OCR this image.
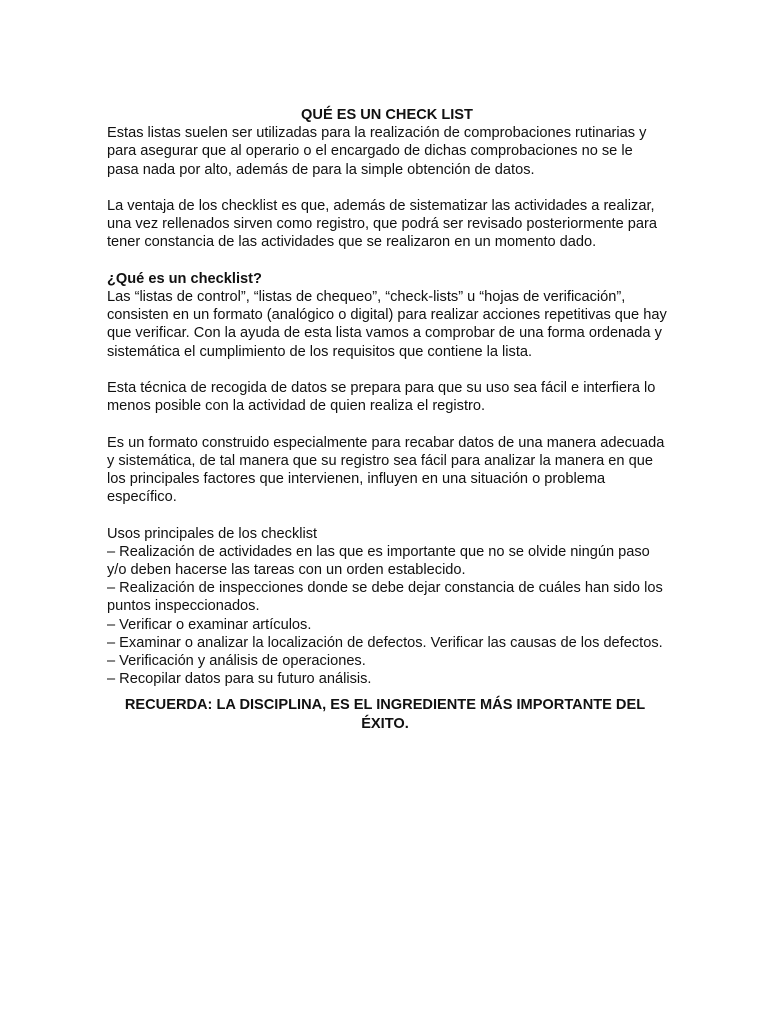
QUÉ ES UN CHECK LIST

Estas listas suelen ser utilizadas para la realización de comprobaciones rutinarias y para asegurar que al operario o el encargado de dichas comprobaciones no se le pasa nada por alto, además de para la simple obtención de datos.

La ventaja de los checklist es que, además de sistematizar las actividades a realizar, una vez rellenados sirven como registro, que podrá ser revisado posteriormente para tener constancia de las actividades que se realizaron en un momento dado.

¿Qué es un checklist?

Las “listas de control”, “listas de chequeo”, “check-lists” u “hojas de verificación”, consisten en un formato (analógico o digital) para realizar acciones repetitivas que hay que verificar. Con la ayuda de esta lista vamos a comprobar de una forma ordenada y sistemática el cumplimiento de los requisitos que contiene la lista.

Esta técnica de recogida de datos se prepara para que su uso sea fácil e interfiera lo menos posible con la actividad de quien realiza el registro.

Es un formato construido especialmente para recabar datos de una manera adecuada y sistemática, de tal manera que su registro sea fácil para analizar la manera en que los principales factores que intervienen, influyen en una situación o problema específico.

Usos principales de los checklist

– Realización de actividades en las que es importante que no se olvide ningún paso y/o deben hacerse las tareas con un orden establecido.

– Realización de inspecciones donde se debe dejar constancia de cuáles han sido los puntos inspeccionados.

– Verificar o examinar artículos.

– Examinar o analizar la localización de defectos. Verificar las causas de los defectos.

– Verificación y análisis de operaciones.

– Recopilar datos para su futuro análisis.

RECUERDA: LA DISCIPLINA, ES EL INGREDIENTE MÁS IMPORTANTE DEL ÉXITO.
